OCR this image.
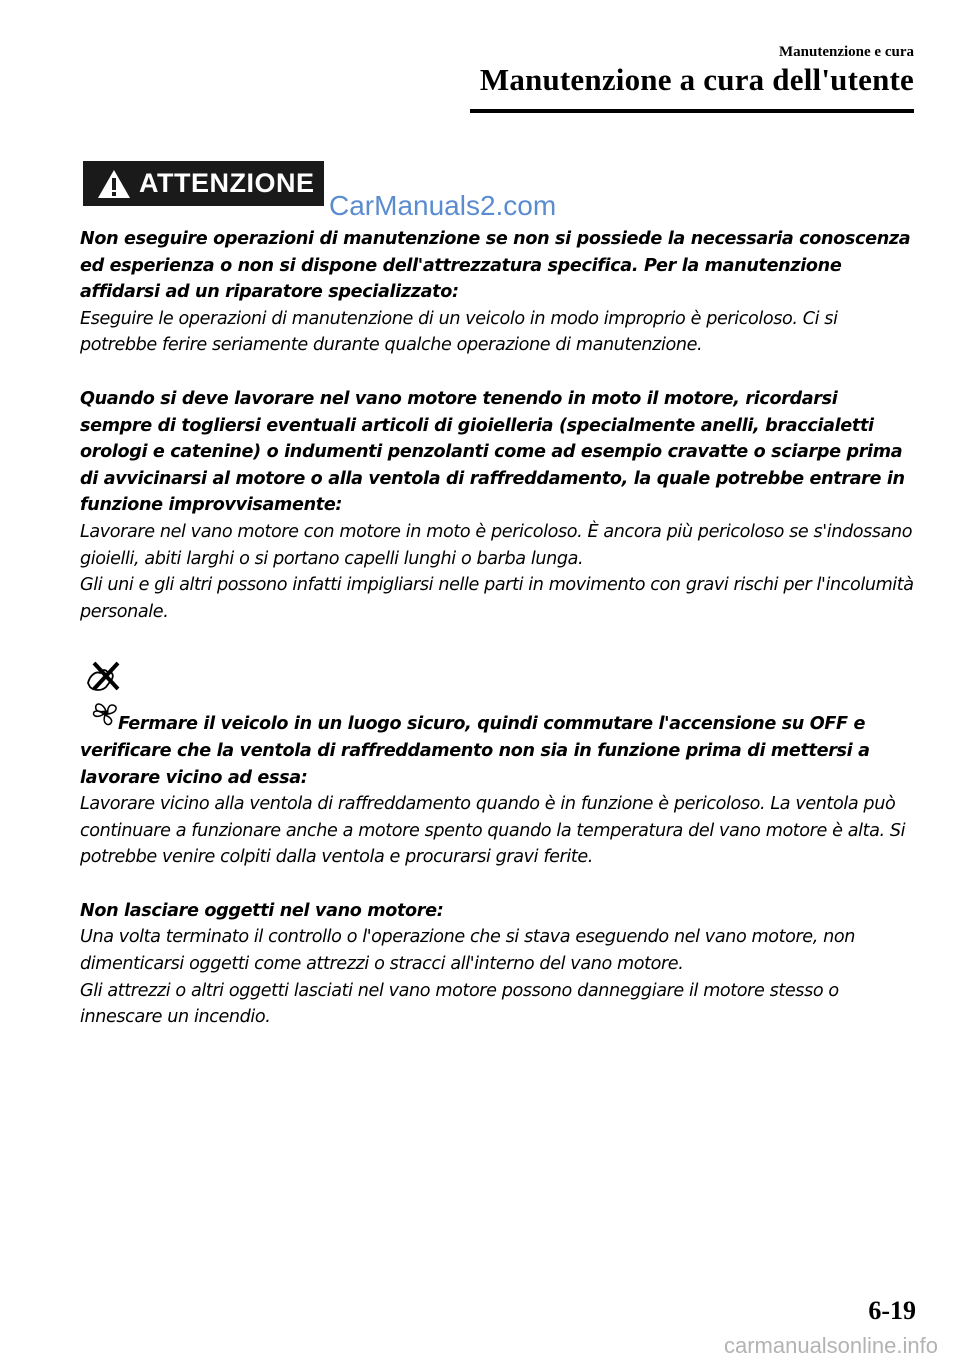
Manutenzione e cura
Manutenzione a cura dell'utente
ATTENZIONE
CarManuals2.com

Non eseguire operazioni di manutenzione se non si possiede la necessaria conoscenza ed esperienza o non si dispone dell'attrezzatura specifica. Per la manutenzione affidarsi ad un riparatore specializzato:

Eseguire le operazioni di manutenzione di un veicolo in modo improprio è pericoloso. Ci si potrebbe ferire seriamente durante qualche operazione di manutenzione.

Quando si deve lavorare nel vano motore tenendo in moto il motore, ricordarsi sempre di togliersi eventuali articoli di gioielleria (specialmente anelli, braccialetti orologi e catenine) o indumenti penzolanti come ad esempio cravatte o sciarpe prima di avvicinarsi al motore o alla ventola di raffreddamento, la quale potrebbe entrare in funzione improvvisamente:

Lavorare nel vano motore con motore in moto è pericoloso. È ancora più pericoloso se s'indossano gioielli, abiti larghi o si portano capelli lunghi o barba lunga.

Gli uni e gli altri possono infatti impigliarsi nelle parti in movimento con gravi rischi per l'incolumità personale.

Fermare il veicolo in un luogo sicuro, quindi commutare l'accensione su OFF e verificare che la ventola di raffreddamento non sia in funzione prima di mettersi a lavorare vicino ad essa:

Lavorare vicino alla ventola di raffreddamento quando è in funzione è pericoloso. La ventola può continuare a funzionare anche a motore spento quando la temperatura del vano motore è alta. Si potrebbe venire colpiti dalla ventola e procurarsi gravi ferite.

Non lasciare oggetti nel vano motore:

Una volta terminato il controllo o l'operazione che si stava eseguendo nel vano motore, non dimenticarsi oggetti come attrezzi o stracci all'interno del vano motore.

Gli attrezzi o altri oggetti lasciati nel vano motore possono danneggiare il motore stesso o innescare un incendio.

6-19
carmanualsonline.info
